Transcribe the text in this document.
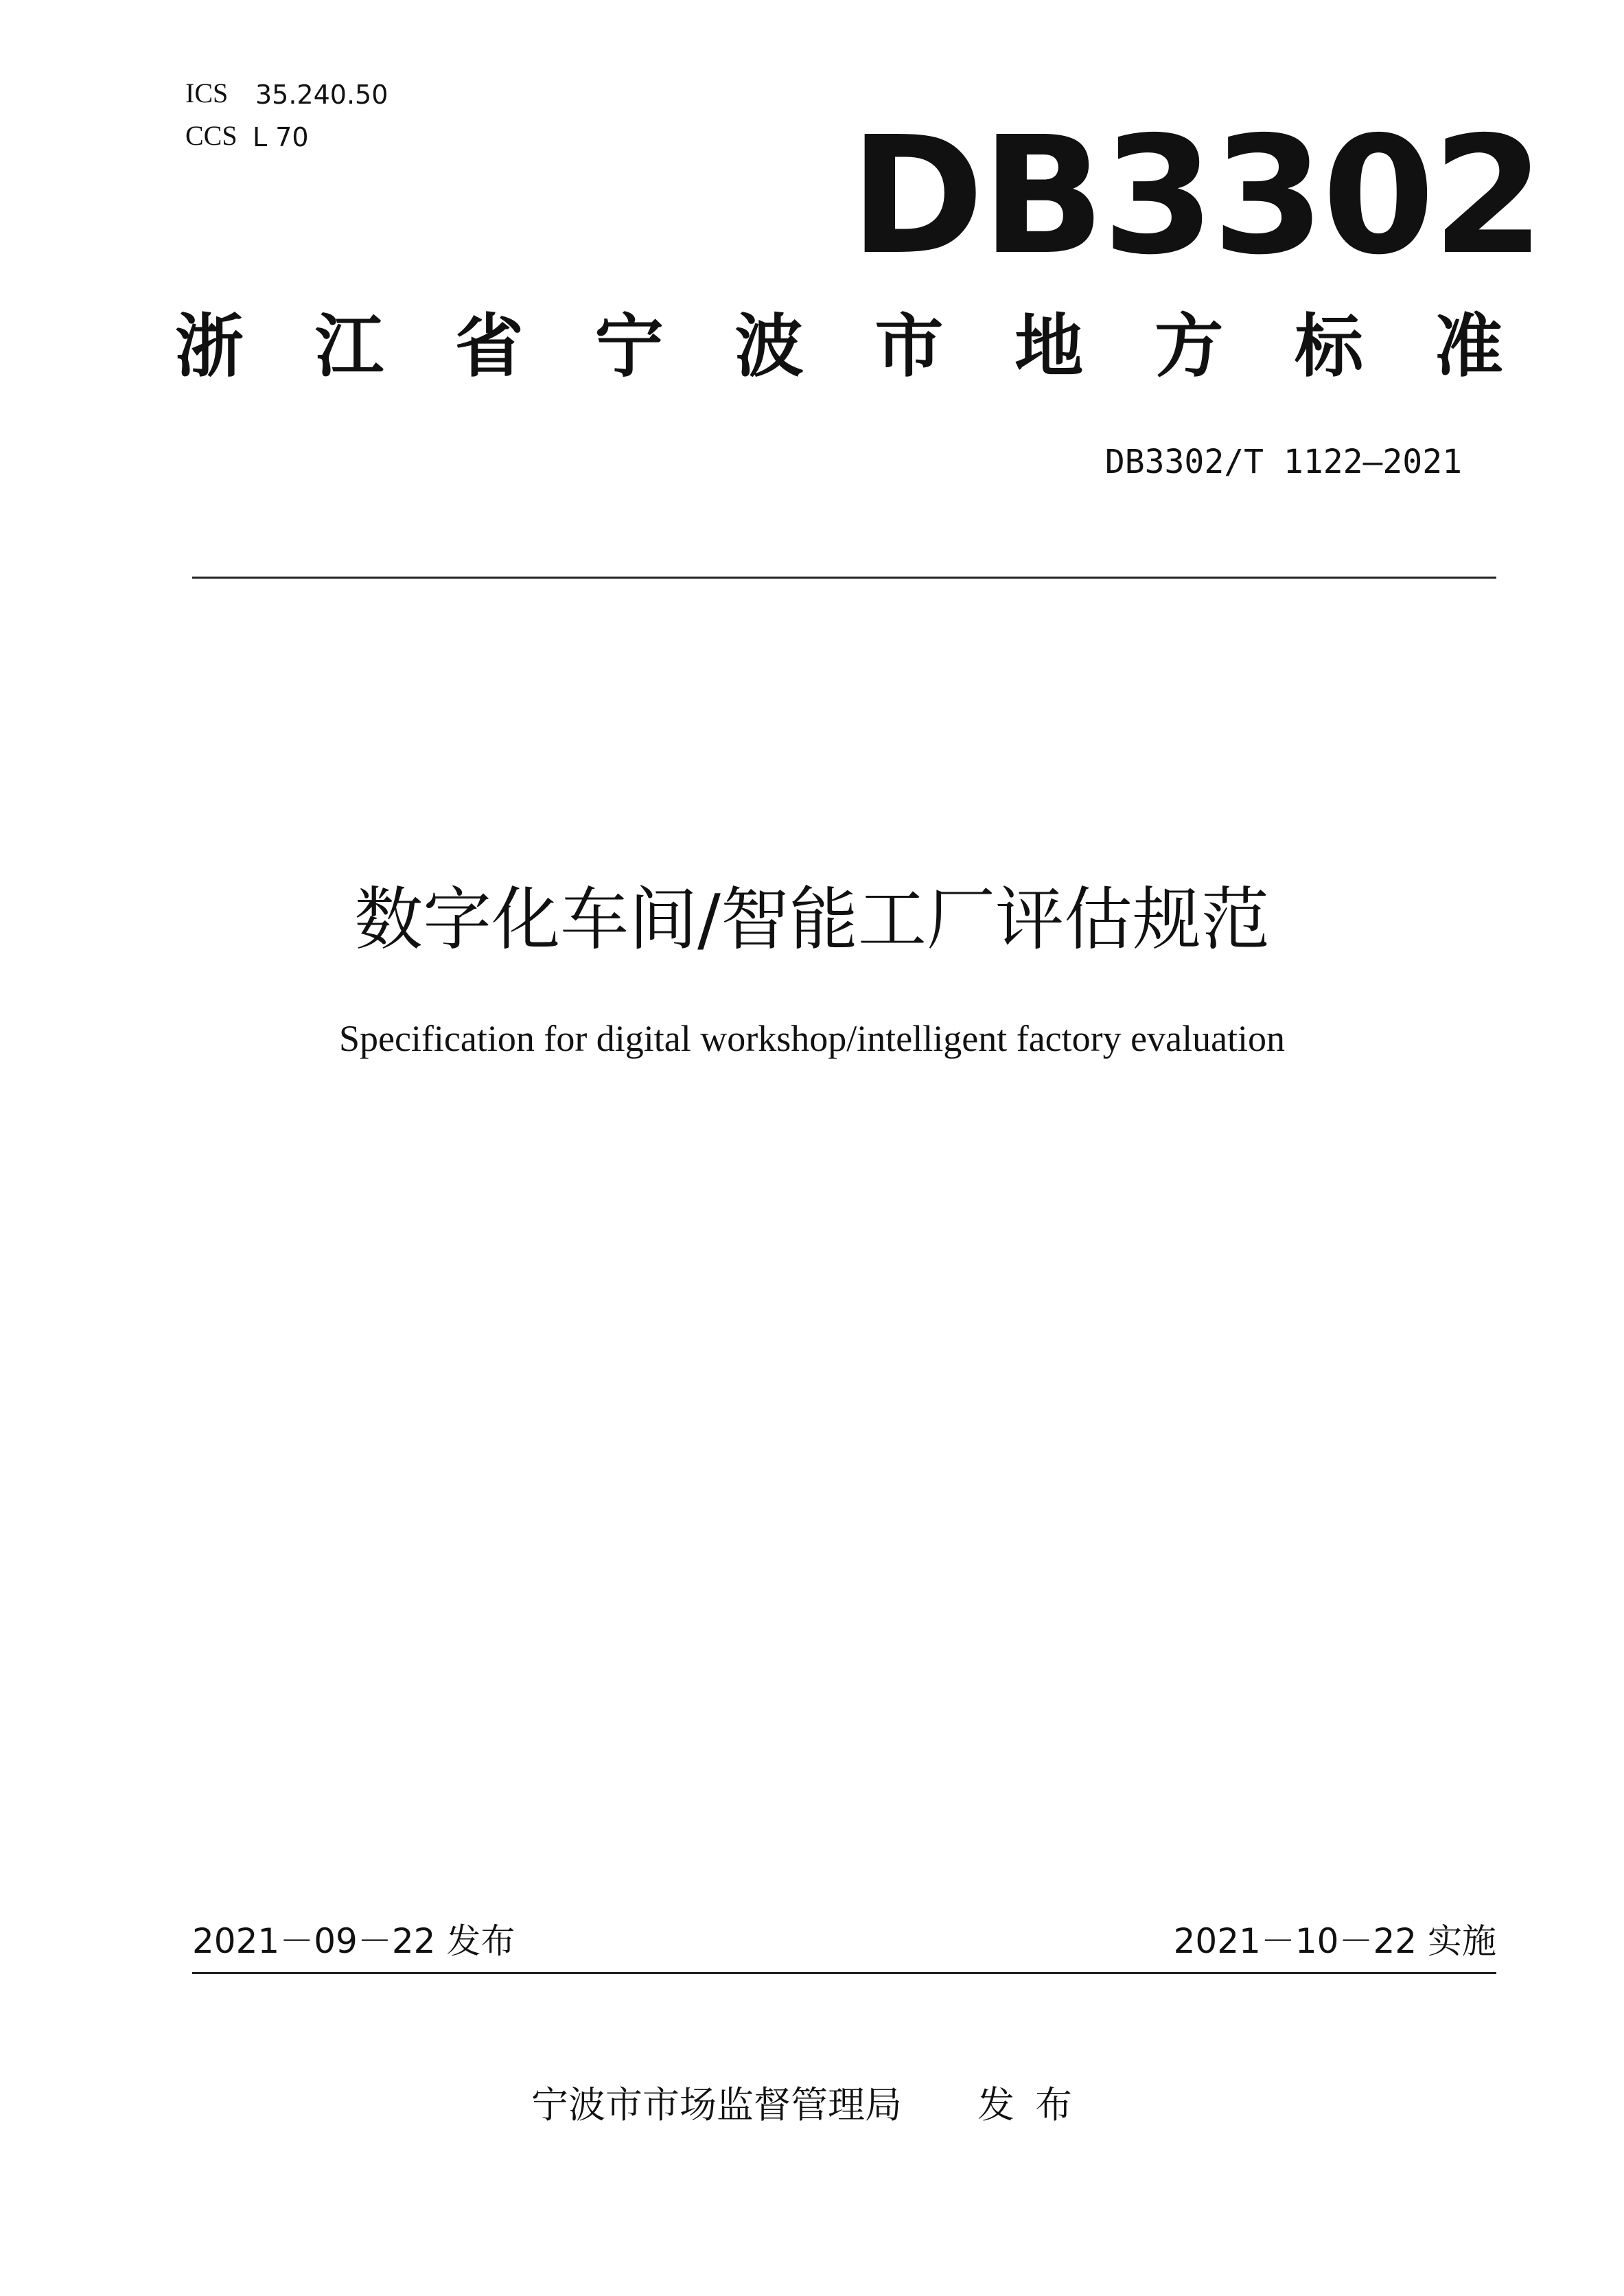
ICS 35.240.50
CCS L 70	DB3302
浙 江 省 宁 波 市 地 方 标 准
DB3302/T 1122—2021
数字化车间/智能工厂评估规范
Specification for digital workshop/intelligent factory evaluation
2021－09－22 发布	2021－10－22 实施
宁波市市场监督管理局 发布
